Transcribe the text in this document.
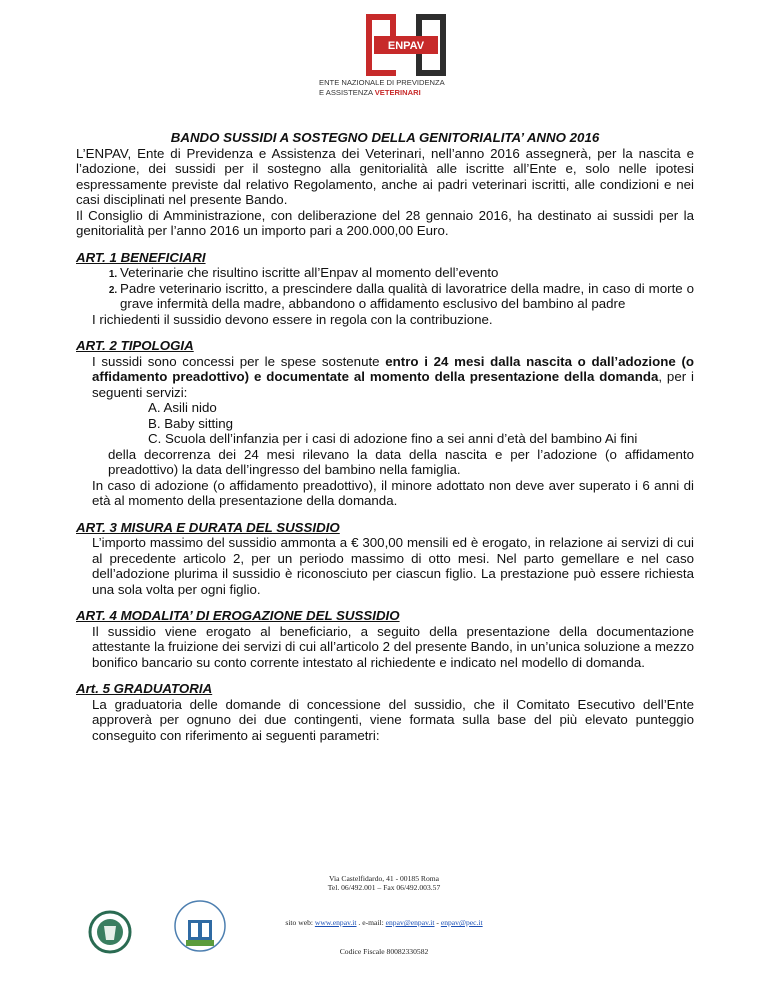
ENPAV
ENTE NAZIONALE DI PREVIDENZA
E ASSISTENZA VETERINARI

BANDO SUSSIDI A SOSTEGNO DELLA GENITORIALITA’ ANNO 2016

L’ENPAV, Ente di Previdenza e Assistenza dei Veterinari, nell’anno 2016 assegnerà, per la nascita e l’adozione, dei sussidi per il sostegno alla genitorialità alle iscritte all’Ente e, solo nelle ipotesi espressamente previste dal relativo Regolamento, anche ai padri veterinari iscritti, alle condizioni e nei casi disciplinati nel presente Bando.

Il Consiglio di Amministrazione, con deliberazione del 28 gennaio 2016, ha destinato ai sussidi per la genitorialità per l’anno 2016 un importo pari a 200.000,00 Euro.

ART. 1 BENEFICIARI

1. Veterinarie che risultino iscritte all’Enpav al momento dell’evento
2. Padre veterinario iscritto, a prescindere dalla qualità di lavoratrice della madre, in caso di morte o grave infermità della madre, abbandono o affidamento esclusivo del bambino al padre

I richiedenti il sussidio devono essere in regola con la contribuzione.

ART. 2 TIPOLOGIA

I sussidi sono concessi per le spese sostenute entro i 24 mesi dalla nascita o dall’adozione (o affidamento preadottivo) e documentate al momento della presentazione della domanda, per i seguenti servizi:

A. Asili nido
B. Baby sitting
C. Scuola dell’infanzia per i casi di adozione fino a sei anni d’età del bambino Ai fini

della decorrenza dei 24 mesi rilevano la data della nascita e per l’adozione (o affidamento preadottivo) la data dell’ingresso del bambino nella famiglia.

In caso di adozione (o affidamento preadottivo), il minore adottato non deve aver superato i 6 anni di età al momento della presentazione della domanda.

ART. 3 MISURA E DURATA DEL SUSSIDIO

L’importo massimo del sussidio ammonta a € 300,00 mensili ed è erogato, in relazione ai servizi di cui al precedente articolo 2, per un periodo massimo di otto mesi. Nel parto gemellare e nel caso dell’adozione plurima il sussidio è riconosciuto per ciascun figlio. La prestazione può essere richiesta una sola volta per ogni figlio.

ART. 4 MODALITA’ DI EROGAZIONE DEL SUSSIDIO

Il sussidio viene erogato al beneficiario, a seguito della presentazione della documentazione attestante la fruizione dei servizi di cui all’articolo 2 del presente Bando, in un’unica soluzione a mezzo bonifico bancario su conto corrente intestato al richiedente e indicato nel modello di domanda.

Art. 5 GRADUATORIA

La graduatoria delle domande di concessione del sussidio, che il Comitato Esecutivo dell’Ente approverà per ognuno dei due contingenti, viene formata sulla base del più elevato punteggio conseguito con riferimento ai seguenti parametri:

Via Castelfidardo, 41 - 00185 Roma
Tel. 06/492.001 – Fax 06/492.003.57
sito web: www.enpav.it . e-mail: enpav@enpav.it - enpav@pec.it
Codice Fiscale 80082330582
